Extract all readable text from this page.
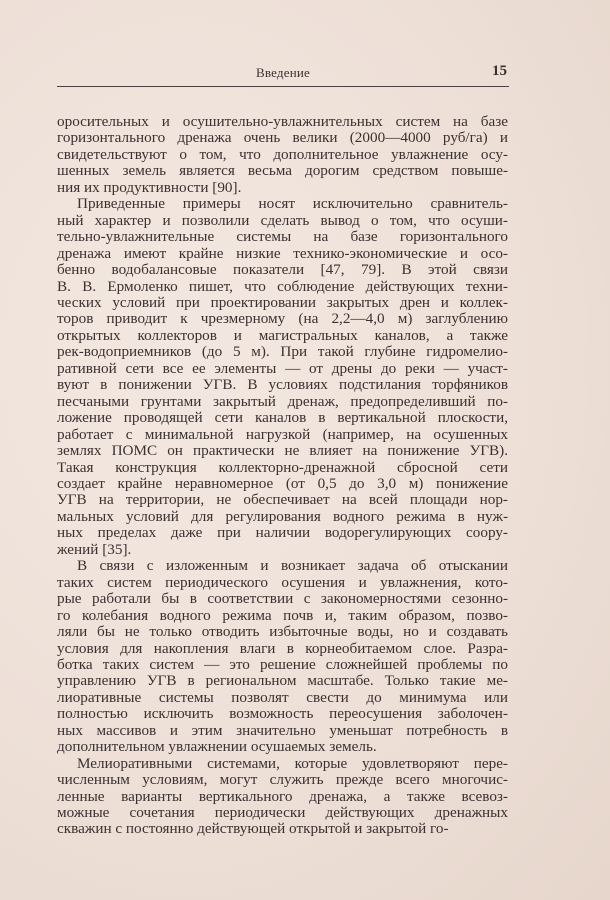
Введение	15
оросительных и осушительно-увлажнительных систем на базе
горизонтального дренажа очень велики (2000—4000 руб/га) и
свидетельствуют о том, что дополнительное увлажнение осу-
шенных земель является весьма дорогим средством повыше-
ния их продуктивности [90].
Приведенные примеры носят исключительно сравнитель-
ный характер и позволили сделать вывод о том, что осуши-
тельно-увлажнительные системы на базе горизонтального
дренажа имеют крайне низкие технико-экономические и осо-
бенно водобалансовые показатели [47, 79]. В этой связи
В. В. Ермоленко пишет, что соблюдение действующих техни-
ческих условий при проектировании закрытых дрен и коллек-
торов приводит к чрезмерному (на 2,2—4,0 м) заглублению
открытых коллекторов и магистральных каналов, а также
рек-водоприемников (до 5 м). При такой глубине гидромелио-
ративной сети все ее элементы — от дрены до реки — участ-
вуют в понижении УГВ. В условиях подстилания торфяников
песчаными грунтами закрытый дренаж, предопределивший по-
ложение проводящей сети каналов в вертикальной плоскости,
работает с минимальной нагрузкой (например, на осушенных
землях ПОМС он практически не влияет на понижение УГВ).
Такая конструкция коллекторно-дренажной сбросной сети
создает крайне неравномерное (от 0,5 до 3,0 м) понижение
УГВ на территории, не обеспечивает на всей площади нор-
мальных условий для регулирования водного режима в нуж-
ных пределах даже при наличии водорегулирующих соору-
жений [35].
В связи с изложенным и возникает задача об отыскании
таких систем периодического осушения и увлажнения, кото-
рые работали бы в соответствии с закономерностями сезонно-
го колебания водного режима почв и, таким образом, позво-
ляли бы не только отводить избыточные воды, но и создавать
условия для накопления влаги в корнеобитаемом слое. Разра-
ботка таких систем — это решение сложнейшей проблемы по
управлению УГВ в региональном масштабе. Только такие ме-
лиоративные системы позволят свести до минимума или
полностью исключить возможность переосушения заболочен-
ных массивов и этим значительно уменьшат потребность в
дополнительном увлажнении осушаемых земель.
Мелиоративными системами, которые удовлетворяют пере-
численным условиям, могут служить прежде всего многочис-
ленные варианты вертикального дренажа, а также всевоз-
можные сочетания периодически действующих дренажных
скважин с постоянно действующей открытой и закрытой го-
